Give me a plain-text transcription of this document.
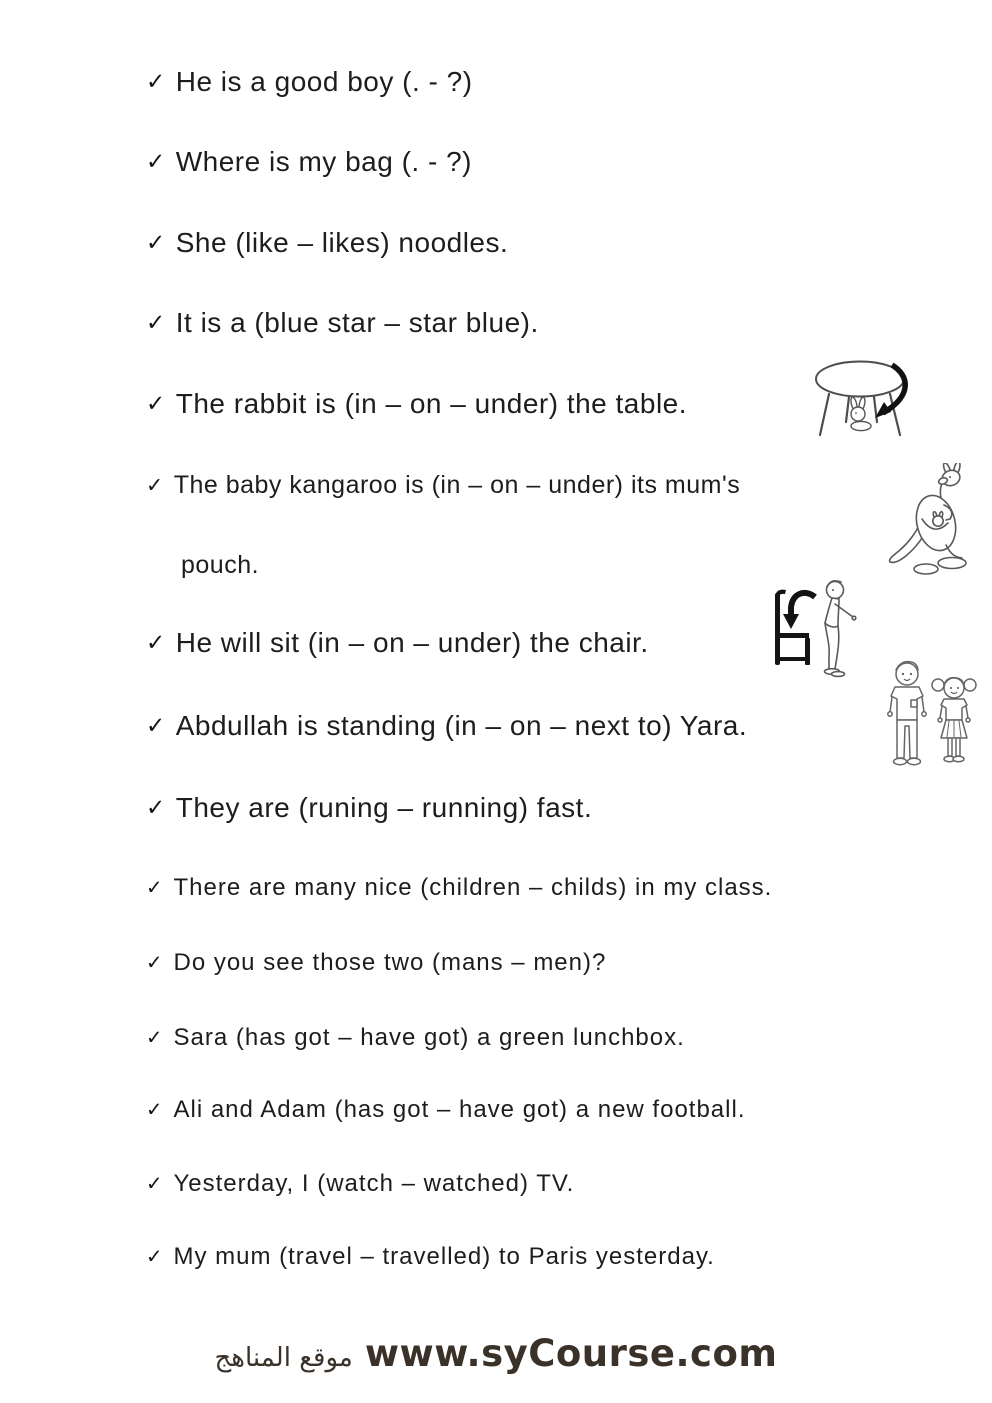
✓ He is a good boy (. - ?)
✓ Where is my bag (. - ?)
✓ She (like – likes) noodles.
✓ It is a (blue star – star blue).
✓ The rabbit is (in – on – under) the table.
✓ The baby kangaroo is (in – on – under) its mum's
pouch.
✓ He will sit (in – on – under) the chair.
✓ Abdullah is standing (in – on – next to) Yara.
✓ They are (runing – running) fast.
✓ There are many nice (children – childs) in my class.
✓ Do you see those two (mans – men)?
✓ Sara (has got – have got) a green lunchbox.
✓ Ali and Adam (has got – have got) a new football.
✓ Yesterday, I (watch – watched) TV.
✓ My mum (travel – travelled) to Paris yesterday.
موقع المناهج www.syCourse.com
